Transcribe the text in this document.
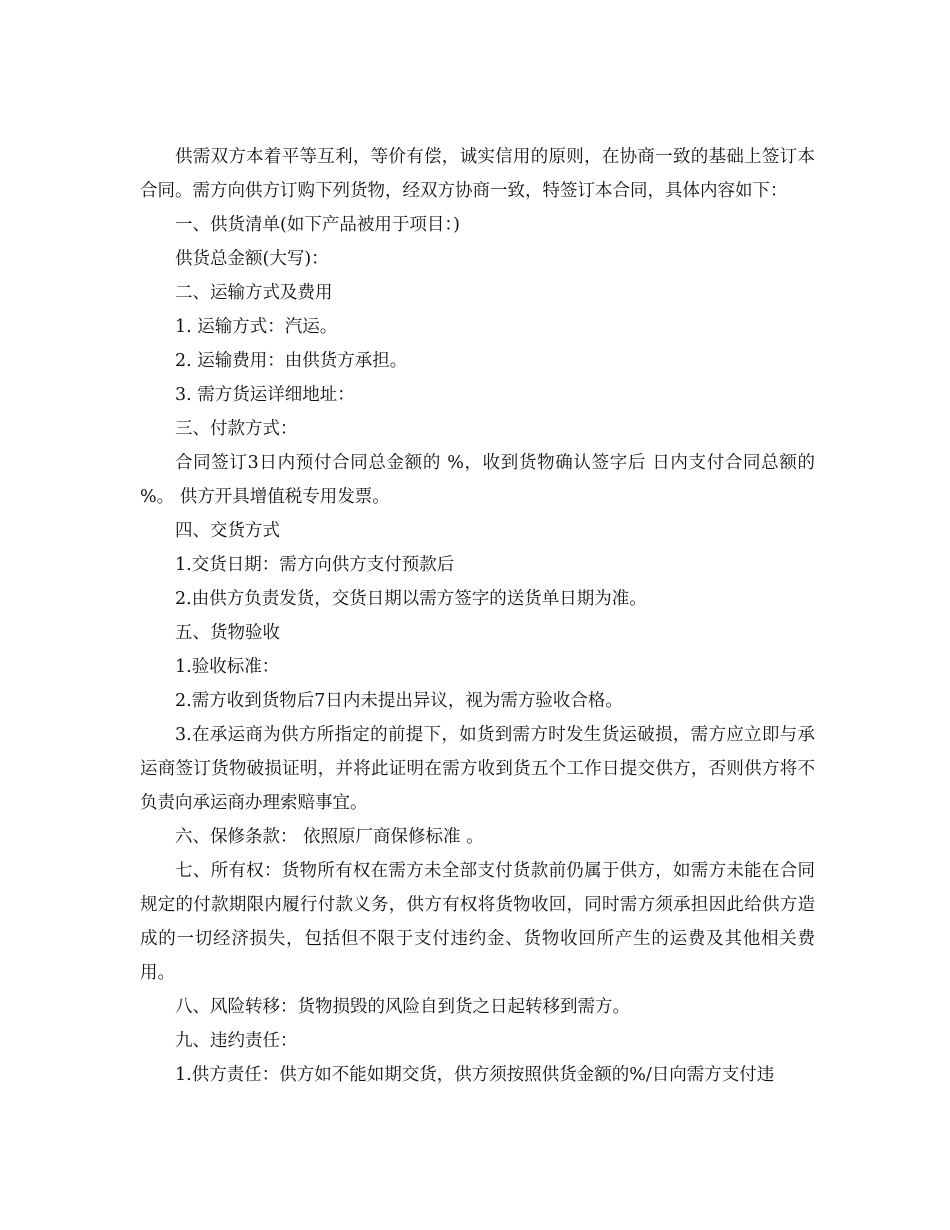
供需双方本着平等互利，等价有偿，诚实信用的原则，在协商一致的基础上签订本合同。需方向供方订购下列货物，经双方协商一致，特签订本合同，具体内容如下：

一、供货清单(如下产品被用于项目：)

供货总金额(大写)：

二、运输方式及费用

1. 运输方式：汽运。

2. 运输费用：由供货方承担。

3. 需方货运详细地址：

三、付款方式：

合同签订3日内预付合同总金额的 %，收到货物确认签字后 日内支付合同总额的 %。 供方开具增值税专用发票。

四、交货方式

1.交货日期：需方向供方支付预款后

2.由供方负责发货，交货日期以需方签字的送货单日期为准。

五、货物验收

1.验收标准：

2.需方收到货物后7日内未提出异议，视为需方验收合格。

3.在承运商为供方所指定的前提下，如货到需方时发生货运破损，需方应立即与承运商签订货物破损证明，并将此证明在需方收到货五个工作日提交供方，否则供方将不负责向承运商办理索赔事宜。

六、保修条款： 依照原厂商保修标准 。

七、所有权：货物所有权在需方未全部支付货款前仍属于供方，如需方未能在合同规定的付款期限内履行付款义务，供方有权将货物收回，同时需方须承担因此给供方造成的一切经济损失，包括但不限于支付违约金、货物收回所产生的运费及其他相关费用。

八、风险转移：货物损毁的风险自到货之日起转移到需方。

九、违约责任：

1.供方责任：供方如不能如期交货，供方须按照供货金额的%/日向需方支付违
